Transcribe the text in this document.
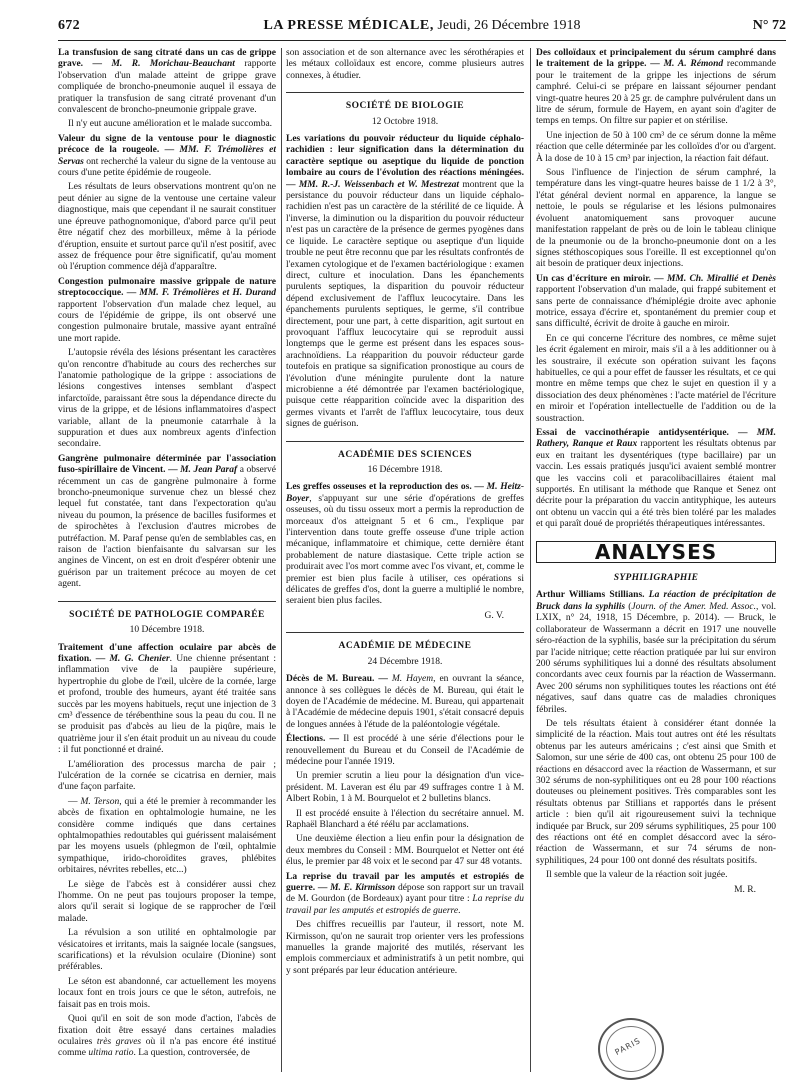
672	LA PRESSE MÉDICALE, Jeudi, 26 Décembre 1918	N° 72

La transfusion de sang citraté dans un cas de grippe grave. — M. R. Morichau-Beauchant rapporte l'observation d'un malade atteint de grippe grave compliquée de broncho-pneumonie auquel il essaya de pratiquer la transfusion de sang citraté provenant d'un convalescent de broncho-pneumonie grippale grave.

Il n'y eut aucune amélioration et le malade succomba.

Valeur du signe de la ventouse pour le diagnostic précoce de la rougeole. — MM. F. Trémolières et Servas ont recherché la valeur du signe de la ventouse au cours d'une petite épidémie de rougeole.

Les résultats de leurs observations montrent qu'on ne peut dénier au signe de la ventouse une certaine valeur diagnostique, mais que cependant il ne saurait constituer une épreuve pathognomonique, d'abord parce qu'il peut être négatif chez des morbilleux, même à la période d'éruption, ensuite et surtout parce qu'il n'est positif, avec assez de fréquence pour être significatif, qu'au moment où l'éruption commence déjà d'apparaître.

Congestion pulmonaire massive grippale de nature streptococcique. — MM. F. Trémolières et H. Durand rapportent l'observation d'un malade chez lequel, au cours de l'épidémie de grippe, ils ont observé une congestion pulmonaire brutale, massive ayant entraîné une mort rapide.

L'autopsie révéla des lésions présentant les caractères qu'on rencontre d'habitude au cours des recherches sur l'anatomie pathologique de la grippe : associations de lésions congestives intenses semblant d'aspect infarctoïde, paraissant être sous la dépendance directe du virus de la grippe, et de lésions inflammatoires d'aspect variable, allant de la pneumonie catarrhale à la suppuration et dues aux nombreux agents d'infection secondaire.

Gangrène pulmonaire déterminée par l'association fuso-spirillaire de Vincent. — M. Jean Paraf a observé récemment un cas de gangrène pulmonaire à forme broncho-pneumonique survenue chez un blessé chez lequel fut constatée, tant dans l'expectoration qu'au niveau du poumon, la présence de bacilles fusiformes et de spirochètes à l'exclusion d'autres microbes de putréfaction. M. Paraf pense qu'en de semblables cas, en raison de l'action bienfaisante du salvarsan sur les angines de Vincent, on est en droit d'espérer obtenir une guérison par un traitement précoce au moyen de cet agent.

SOCIÉTÉ DE PATHOLOGIE COMPARÉE
10 Décembre 1918.

Traitement d'une affection oculaire par abcès de fixation. — M. G. Chenier. Une chienne présentant : inflammation vive de la paupière supérieure, hypertrophie du globe de l'œil, ulcère de la cornée, large et profond, trouble des humeurs, ayant été traitée sans succès par les moyens habituels, reçut une injection de 3 cm³ d'essence de térébenthine sous la peau du cou. Il ne se produisit pas d'abcès au lieu de la piqûre, mais le quatrième jour il s'en était produit un au niveau du coude : il fut ponctionné et drainé.

L'amélioration des processus marcha de pair ; l'ulcération de la cornée se cicatrisa en dernier, mais d'une façon parfaite.

— M. Terson, qui a été le premier à recommander les abcès de fixation en ophtalmologie humaine, ne les considère comme indiqués que dans certaines ophtalmopathies redoutables qui guérissent malaisément par les moyens usuels (phlegmon de l'œil, ophtalmie sympathique, irido-choroïdites graves, phlébites orbitaires, névrites rebelles, etc...)

Le siège de l'abcès est à considérer aussi chez l'homme. On ne peut pas toujours proposer la tempe, alors qu'il serait si logique de se rapprocher de l'œil malade.

La révulsion a son utilité en ophtalmologie par vésicatoires et irritants, mais la saignée locale (sangsues, scarifications) et la révulsion oculaire (Dionine) sont préférables.

Le séton est abandonné, car actuellement les moyens locaux font en trois jours ce que le séton, autrefois, ne faisait pas en trois mois.

Quoi qu'il en soit de son mode d'action, l'abcès de fixation doit être essayé dans certaines maladies oculaires très graves où il n'a pas encore été institué comme ultima ratio. La question, controversée, de

son association et de son alternance avec les sérothérapies et les métaux colloïdaux est encore, comme plusieurs autres connexes, à étudier.

SOCIÉTÉ DE BIOLOGIE
12 Octobre 1918.

Les variations du pouvoir réducteur du liquide céphalo-rachidien : leur signification dans la détermination du caractère septique ou aseptique du liquide de ponction lombaire au cours de l'évolution des réactions méningées. — MM. R.-J. Weissenbach et W. Mestrezat montrent que la persistance du pouvoir réducteur dans un liquide céphalo-rachidien n'est pas un caractère de la stérilité de ce liquide. À l'inverse, la diminution ou la disparition du pouvoir réducteur n'est pas un caractère de la présence de germes pyogènes dans ce liquide. Le caractère septique ou aseptique d'un liquide trouble ne peut être reconnu que par les résultats confrontés de l'examen cytologique et de l'examen bactériologique : examen direct, culture et inoculation. Dans les épanchements purulents septiques, la disparition du pouvoir réducteur dépend exclusivement de l'afflux leucocytaire. Dans les épanchements purulents septiques, le germe, s'il contribue directement, pour une part, à cette disparition, agit surtout en provoquant l'afflux leucocytaire qui se reproduit aussi longtemps que le germe est présent dans les espaces sous-arachnoïdiens. La réapparition du pouvoir réducteur garde toutefois en pratique sa signification pronostique au cours de l'évolution d'une méningite purulente dont la nature microbienne a été démontrée par l'examen bactériologique, puisque cette réapparition coïncide avec la disparition des germes vivants et l'arrêt de l'afflux leucocytaire, tous deux signes de guérison.

ACADÉMIE DES SCIENCES
16 Décembre 1918.

Les greffes osseuses et la reproduction des os. — M. Heitz-Boyer, s'appuyant sur une série d'opérations de greffes osseuses, où du tissu osseux mort a permis la reproduction de morceaux d'os atteignant 5 et 6 cm., l'explique par l'intervention dans toute greffe osseuse d'une triple action mécanique, inflammatoire et chimique, cette dernière étant probablement de nature diastasique. Cette triple action se produirait avec l'os mort comme avec l'os vivant, et, comme le premier est bien plus facile à utiliser, ces opérations si délicates de greffes d'os, dont la guerre a multiplié le nombre, seraient bien plus faciles.

G. V.
ACADÉMIE DE MÉDECINE
24 Décembre 1918.

Décès de M. Bureau. — M. Hayem, en ouvrant la séance, annonce à ses collègues le décès de M. Bureau, qui était le doyen de l'Académie de médecine. M. Bureau, qui appartenait à l'Académie de médecine depuis 1901, s'était consacré depuis de longues années à l'étude de la paléontologie végétale.

Élections. — Il est procédé à une série d'élections pour le renouvellement du Bureau et du Conseil de l'Académie de médecine pour l'année 1919.

Un premier scrutin a lieu pour la désignation d'un vice-président. M. Laveran est élu par 49 suffrages contre 1 à M. Albert Robin, 1 à M. Bourquelot et 2 bulletins blancs.

Il est procédé ensuite à l'élection du secrétaire annuel. M. Raphaël Blanchard a été réélu par acclamations.

Une deuxième élection a lieu enfin pour la désignation de deux membres du Conseil : MM. Bourquelot et Netter ont été élus, le premier par 48 voix et le second par 47 sur 48 votants.

La reprise du travail par les amputés et estropiés de guerre. — M. E. Kirmisson dépose son rapport sur un travail de M. Gourdon (de Bordeaux) ayant pour titre : La reprise du travail par les amputés et estropiés de guerre.

Des chiffres recueillis par l'auteur, il ressort, note M. Kirmisson, qu'on ne saurait trop orienter vers les professions manuelles la grande majorité des mutilés, réservant les emplois commerciaux et administratifs à un petit nombre, qui y sont préparés par leur éducation antérieure.

Des colloïdaux et principalement du sérum camphré dans le traitement de la grippe. — M. A. Rémond recommande pour le traitement de la grippe les injections de sérum camphré. Celui-ci se prépare en laissant séjourner pendant vingt-quatre heures 20 à 25 gr. de camphre pulvérulent dans un litre de sérum, formule de Hayem, en ayant soin d'agiter de temps en temps. On filtre sur papier et on stérilise.

Une injection de 50 à 100 cm³ de ce sérum donne la même réaction que celle déterminée par les colloïdes d'or ou d'argent. À la dose de 10 à 15 cm³ par injection, la réaction fait défaut.

Sous l'influence de l'injection de sérum camphré, la température dans les vingt-quatre heures baisse de 1 1/2 à 3°, l'état général devient normal en apparence, la langue se nettoie, le pouls se régularise et les lésions pulmonaires évoluent anatomiquement sans provoquer aucune manifestation rappelant de près ou de loin le tableau clinique de la pneumonie ou de la broncho-pneumonie dont on a les signes stéthoscopiques sous l'oreille. Il est exceptionnel qu'on ait besoin de pratiquer deux injections.

Un cas d'écriture en miroir. — MM. Ch. Mirallié et Denès rapportent l'observation d'un malade, qui frappé subitement et sans perte de connaissance d'hémiplégie droite avec aphonie motrice, essaya d'écrire et, spontanément du premier coup et sans difficulté, écrivit de droite à gauche en miroir.

En ce qui concerne l'écriture des nombres, ce même sujet les écrit également en miroir, mais s'il a à les additionner ou à les soustraire, il exécute son opération suivant les façons habituelles, ce qui a pour effet de fausser les résultats, et ce qui montre en même temps que chez le sujet en question il y a dissociation des deux phénomènes : l'acte matériel de l'écriture en miroir et l'opération intellectuelle de l'addition ou de la soustraction.

Essai de vaccinothérapie antidysentérique. — MM. Rathery, Ranque et Raux rapportent les résultats obtenus par eux en traitant les dysentériques (type bacillaire) par un vaccin. Les essais pratiqués jusqu'ici avaient semblé montrer que les vaccins coli et paracolibacillaires étaient mal supportés. En utilisant la méthode que Ranque et Senez ont décrite pour la préparation du vaccin antityphique, les auteurs ont obtenu un vaccin qui a été très bien toléré par les malades et qui paraît doué de propriétés thérapeutiques intéressantes.

ANALYSES
SYPHILIGRAPHIE

Arthur Williams Stillians. La réaction de précipitation de Bruck dans la syphilis (Journ. of the Amer. Med. Assoc., vol. LXIX, n° 24, 1918, 15 Décembre, p. 2014). — Bruck, le collaborateur de Wassermann a décrit en 1917 une nouvelle séro-réaction de la syphilis, basée sur la précipitation du sérum par l'acide nitrique; cette réaction pratiquée par lui sur environ 200 sérums syphilitiques lui a donné des résultats absolument concordants avec ceux fournis par la réaction de Wassermann. Avec 200 sérums non syphilitiques toutes les réactions ont été négatives, sauf dans quatre cas de maladies chroniques fébriles.

De tels résultats étaient à considérer étant donnée la simplicité de la réaction. Mais tout autres ont été les résultats obtenus par les auteurs américains ; c'est ainsi que Smith et Salomon, sur une série de 400 cas, ont obtenu 25 pour 100 de réactions en désaccord avec la réaction de Wassermann, et sur 302 sérums de non-syphilitiques ont eu 28 pour 100 réactions douteuses ou pleinement positives. Très comparables sont les résultats obtenus par Stillians et rapportés dans le présent article : bien qu'il ait rigoureusement suivi la technique indiquée par Bruck, sur 209 sérums syphilitiques, 25 pour 100 des réactions ont été en complet désaccord avec la séro-réaction de Wassermann, et sur 74 sérums de non-syphilitiques, 24 pour 100 ont donné des résultats positifs.

Il semble que la valeur de la réaction soit jugée.

M. R.
PARIS
